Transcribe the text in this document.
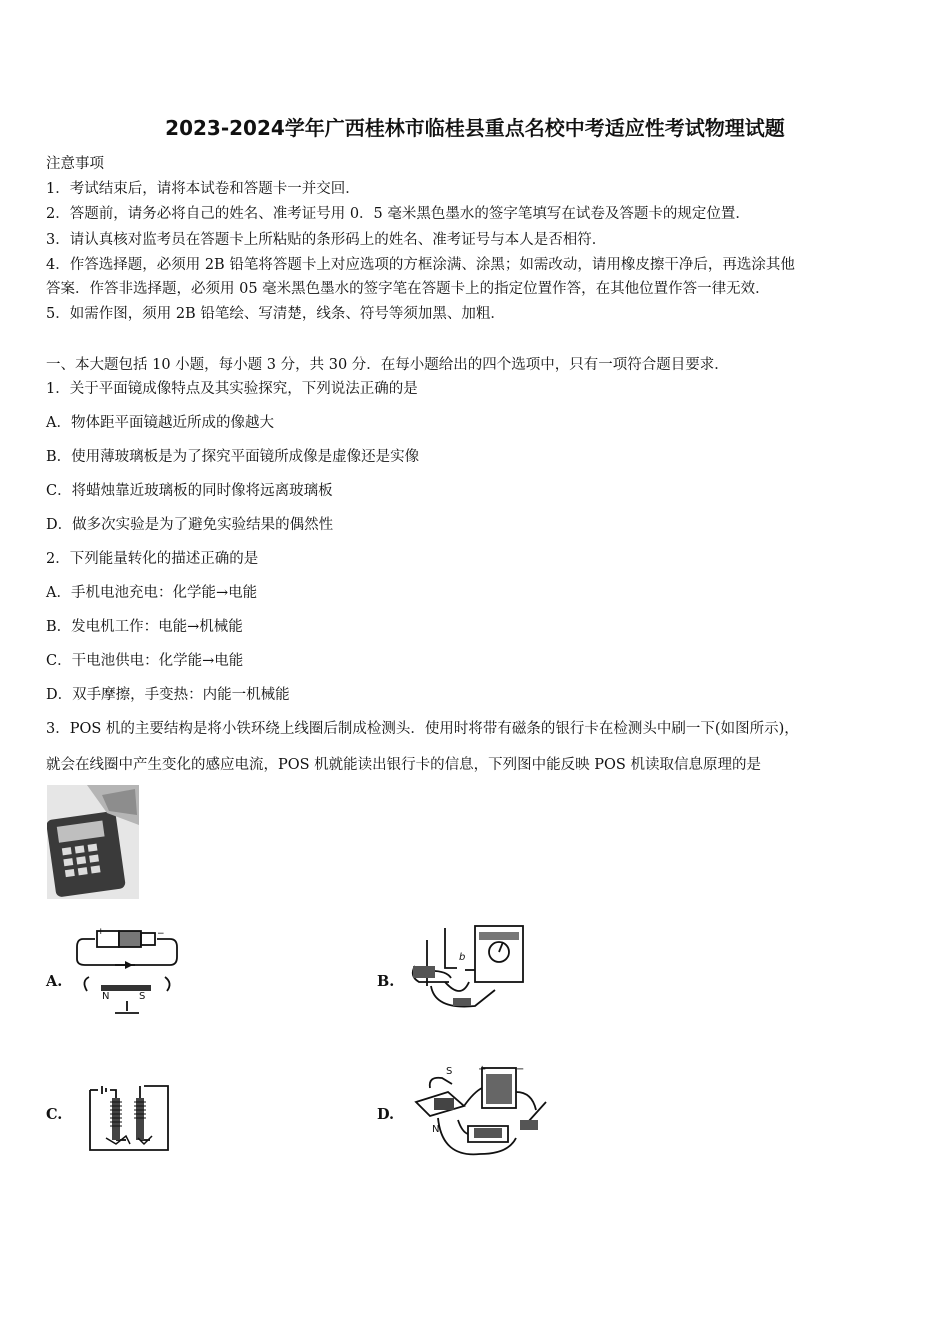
2023-2024学年广西桂林市临桂县重点名校中考适应性考试物理试题
注意事项
1．考试结束后，请将本试卷和答题卡一并交回．
2．答题前，请务必将自己的姓名、准考证号用 0．5 毫米黑色墨水的签字笔填写在试卷及答题卡的规定位置．
3．请认真核对监考员在答题卡上所粘贴的条形码上的姓名、准考证号与本人是否相符．
4．作答选择题，必须用 2B 铅笔将答题卡上对应选项的方框涂满、涂黑；如需改动，请用橡皮擦干净后，再选涂其他
答案．作答非选择题，必须用 05 毫米黑色墨水的签字笔在答题卡上的指定位置作答，在其他位置作答一律无效．
5．如需作图，须用 2B 铅笔绘、写清楚，线条、符号等须加黑、加粗．
一、本大题包括 10 小题，每小题 3 分，共 30 分．在每小题给出的四个选项中，只有一项符合题目要求．
1．关于平面镜成像特点及其实验探究，下列说法正确的是
A．物体距平面镜越近所成的像越大
B．使用薄玻璃板是为了探究平面镜所成像是虚像还是实像
C．将蜡烛靠近玻璃板的同时像将远离玻璃板
D．做多次实验是为了避免实验结果的偶然性
2．下列能量转化的描述正确的是
A．手机电池充电：化学能→电能
B．发电机工作：电能→机械能
C．干电池供电：化学能→电能
D．双手摩擦，手变热：内能一机械能
3．POS 机的主要结构是将小铁环绕上线圈后制成检测头．使用时将带有磁条的银行卡在检测头中刷一下(如图所示)，
就会在线圈中产生变化的感应电流，POS 机就能读出银行卡的信息，下列图中能反映 POS 机读取信息原理的是
A.	B.
C.	D.
N	S
+	−
b
S
N
+	−
